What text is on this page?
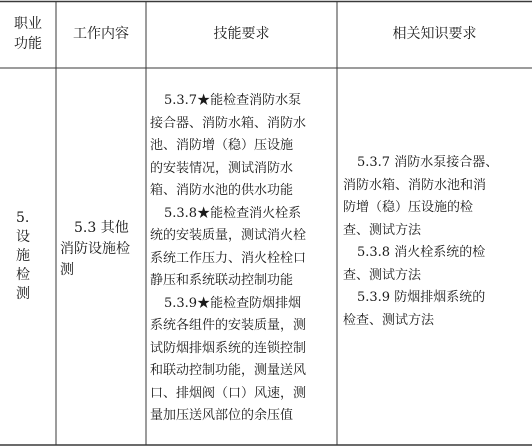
职业
功能
工作内容	技能要求	相关知识要求
5.
设
施
检
测
5.3 其他
消防设施检
测
5.3.7★能检查消防水泵
接合器、消防水箱、消防水
池、消防增（稳）压设施
的安装情况，测试消防水
箱、消防水池的供水功能
5.3.8★能检查消火栓系
统的安装质量，测试消火栓
系统工作压力、消火栓栓口
静压和系统联动控制功能
5.3.9★能检查防烟排烟
系统各组件的安装质量，测
试防烟排烟系统的连锁控制
和联动控制功能，测量送风
口、排烟阀（口）风速，测
量加压送风部位的余压值
5.3.7 消防水泵接合器、
消防水箱、消防水池和消
防增（稳）压设施的检
查、测试方法
5.3.8 消火栓系统的检
查、测试方法
5.3.9 防烟排烟系统的
检查、测试方法
